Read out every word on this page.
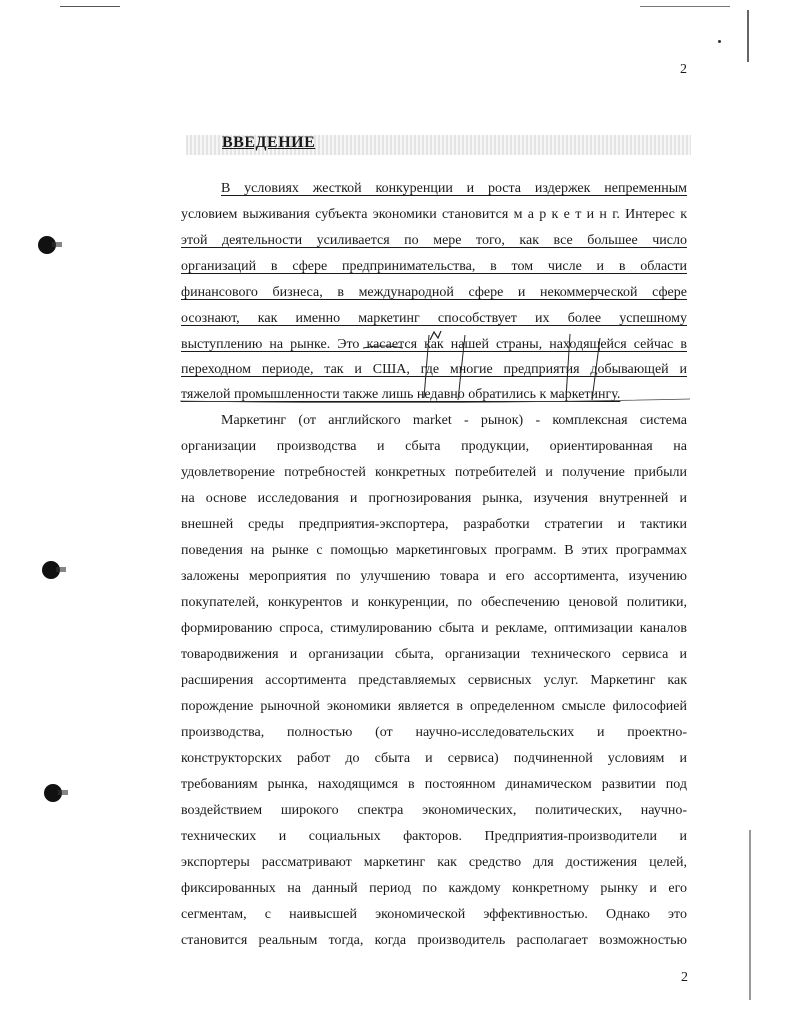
2
ВВЕДЕНИЕ
В условиях жесткой конкуренции и роста издержек непременным
условием выживания субъекта экономики становится м а р к е т и н г. Интерес к
этой деятельности усиливается по мере того, как все большее число
организаций в сфере предпринимательства, в том числе и в области
финансового бизнеса, в международной сфере и некоммерческой сфере
осознают, как именно маркетинг способствует их более успешному
выступлению на рынке. Это касается как нашей страны, находящейся сейчас в
переходном периоде, так и США, где многие предприятия добывающей и
тяжелой промышленности также лишь недавно обратились к маркетингу.
Маркетинг (от английского market - рынок) - комплексная система
организации производства и сбыта продукции, ориентированная на
удовлетворение потребностей конкретных потребителей и получение прибыли
на основе исследования и прогнозирования рынка, изучения внутренней и
внешней среды предприятия-экспортера, разработки стратегии и тактики
поведения на рынке с помощью маркетинговых программ. В этих программах
заложены мероприятия по улучшению товара и его ассортимента, изучению
покупателей, конкурентов и конкуренции, по обеспечению ценовой политики,
формированию спроса, стимулированию сбыта и рекламе, оптимизации каналов
товародвижения и организации сбыта, организации технического сервиса и
расширения ассортимента представляемых сервисных услуг. Маркетинг как
порождение рыночной экономики является в определенном смысле философией
производства, полностью (от научно-исследовательских и проектно-
конструкторских работ до сбыта и сервиса) подчиненной условиям и
требованиям рынка, находящимся в постоянном динамическом развитии под
воздействием широкого спектра экономических, политических, научно-
технических и социальных факторов. Предприятия-производители и
экспортеры рассматривают маркетинг как средство для достижения целей,
фиксированных на данный период по каждому конкретному рынку и его
сегментам, с наивысшей экономической эффективностью. Однако это
становится реальным тогда, когда производитель располагает возможностью
2
